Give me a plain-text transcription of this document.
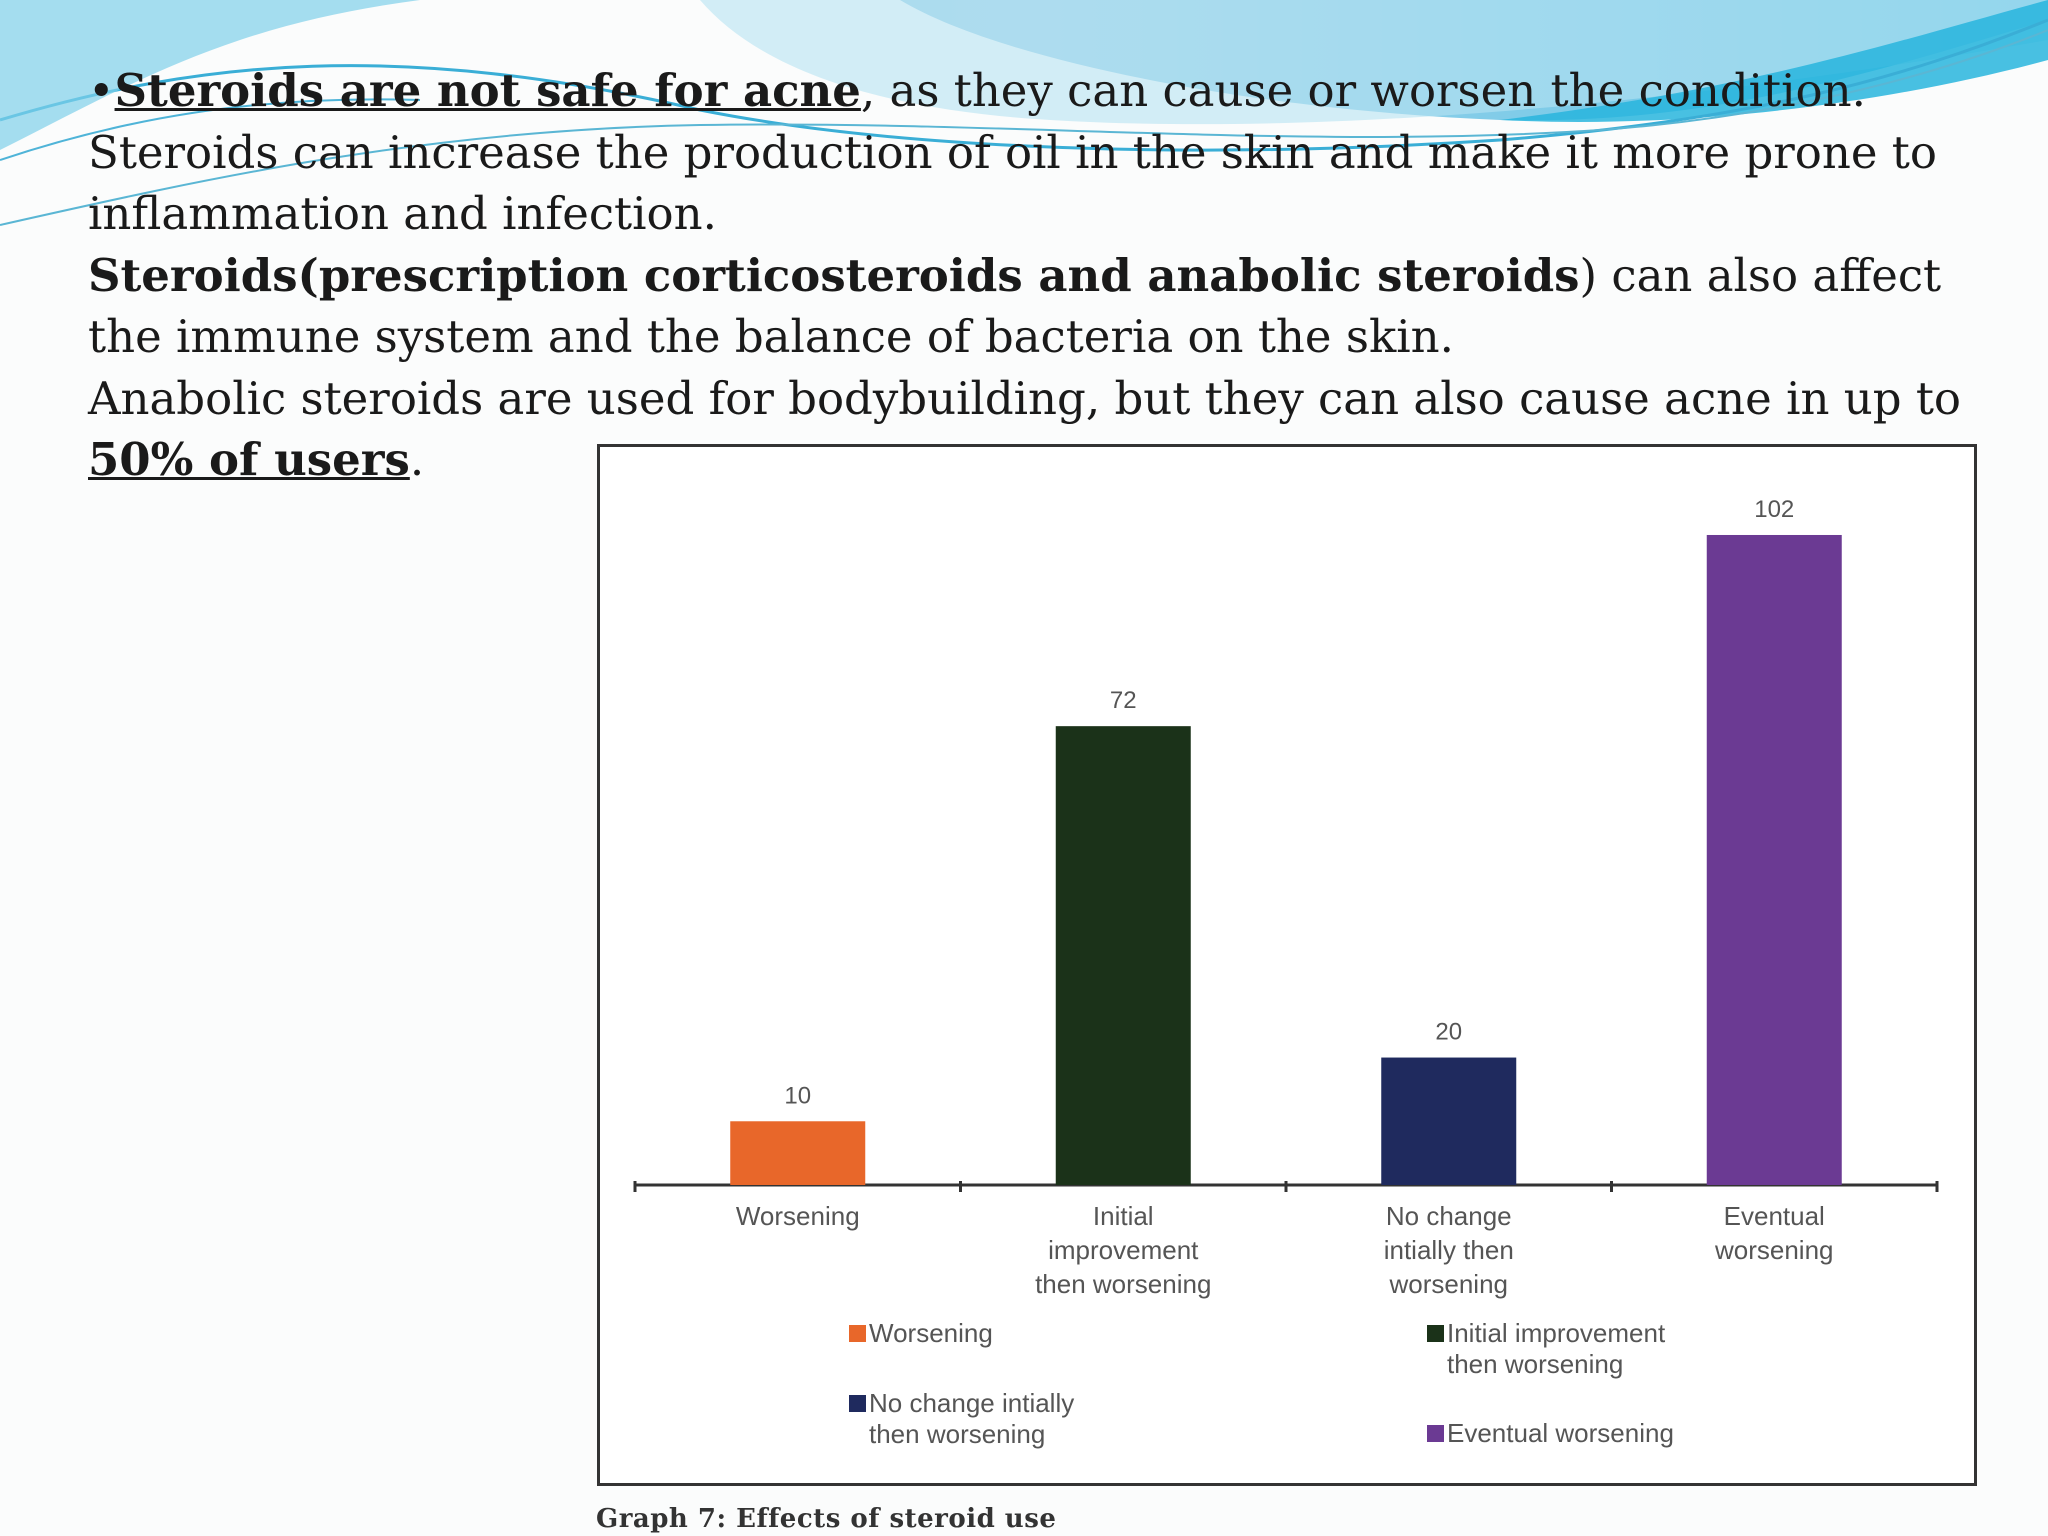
•Steroids are not safe for acne, as they can cause or worsen the condition.

Steroids can increase the production of oil in the skin and make it more prone to inflammation and infection.

Steroids(prescription corticosteroids and anabolic steroids) can also affect the immune system and the balance of bacteria on the skin.

Anabolic steroids are used for bodybuilding, but they can also cause acne in up to

50% of users.

10
Worsening
72
Initial
improvement
then worsening
20
No change
intially then
worsening
102
Eventual
worsening
Worsening	Initial improvement
then worsening
No change intially
then worsening	Eventual worsening
Graph 7: Effects of steroid use
